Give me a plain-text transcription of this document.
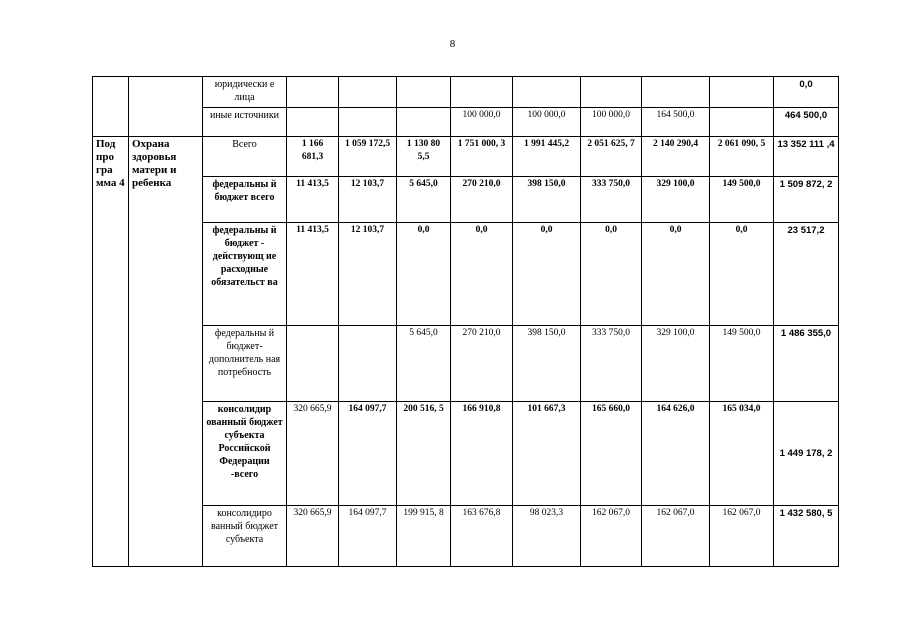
8
		юридически е лица									0,0
		иные источники				100 000,0	100 000,0	100 000,0	164 500,0		464 500,0
Под про гра мма 4	Охрана здоровья матери и ребенка	Всего	1 166 681,3	1 059 172,5	1 130 80 5,5	1 751 000, 3	1 991 445,2	2 051 625, 7	2 140 290,4	2 061 090, 5	13 352 111 ,4
		федеральны й бюджет всего	11 413,5	12 103,7	5 645,0	270 210,0	398 150,0	333 750,0	329 100,0	149 500,0	1 509 872, 2
		федеральны й бюджет - действующ ие расходные обязательст ва	11 413,5	12 103,7	0,0	0,0	0,0	0,0	0,0	0,0	23 517,2
		федеральны й бюджет- дополнитель ная потребность			5 645,0	270 210,0	398 150,0	333 750,0	329 100,0	149 500,0	1 486 355,0
		консолидир ованный бюджет субъекта Российской Федерации -всего	320 665,9	164 097,7	200 516, 5	166 910,8	101 667,3	165 660,0	164 626,0	165 034,0	1 449 178, 2
		консолидиро ванный бюджет субъекта	320 665,9	164 097,7	199 915, 8	163 676,8	98 023,3	162 067,0	162 067,0	162 067,0	1 432 580, 5
